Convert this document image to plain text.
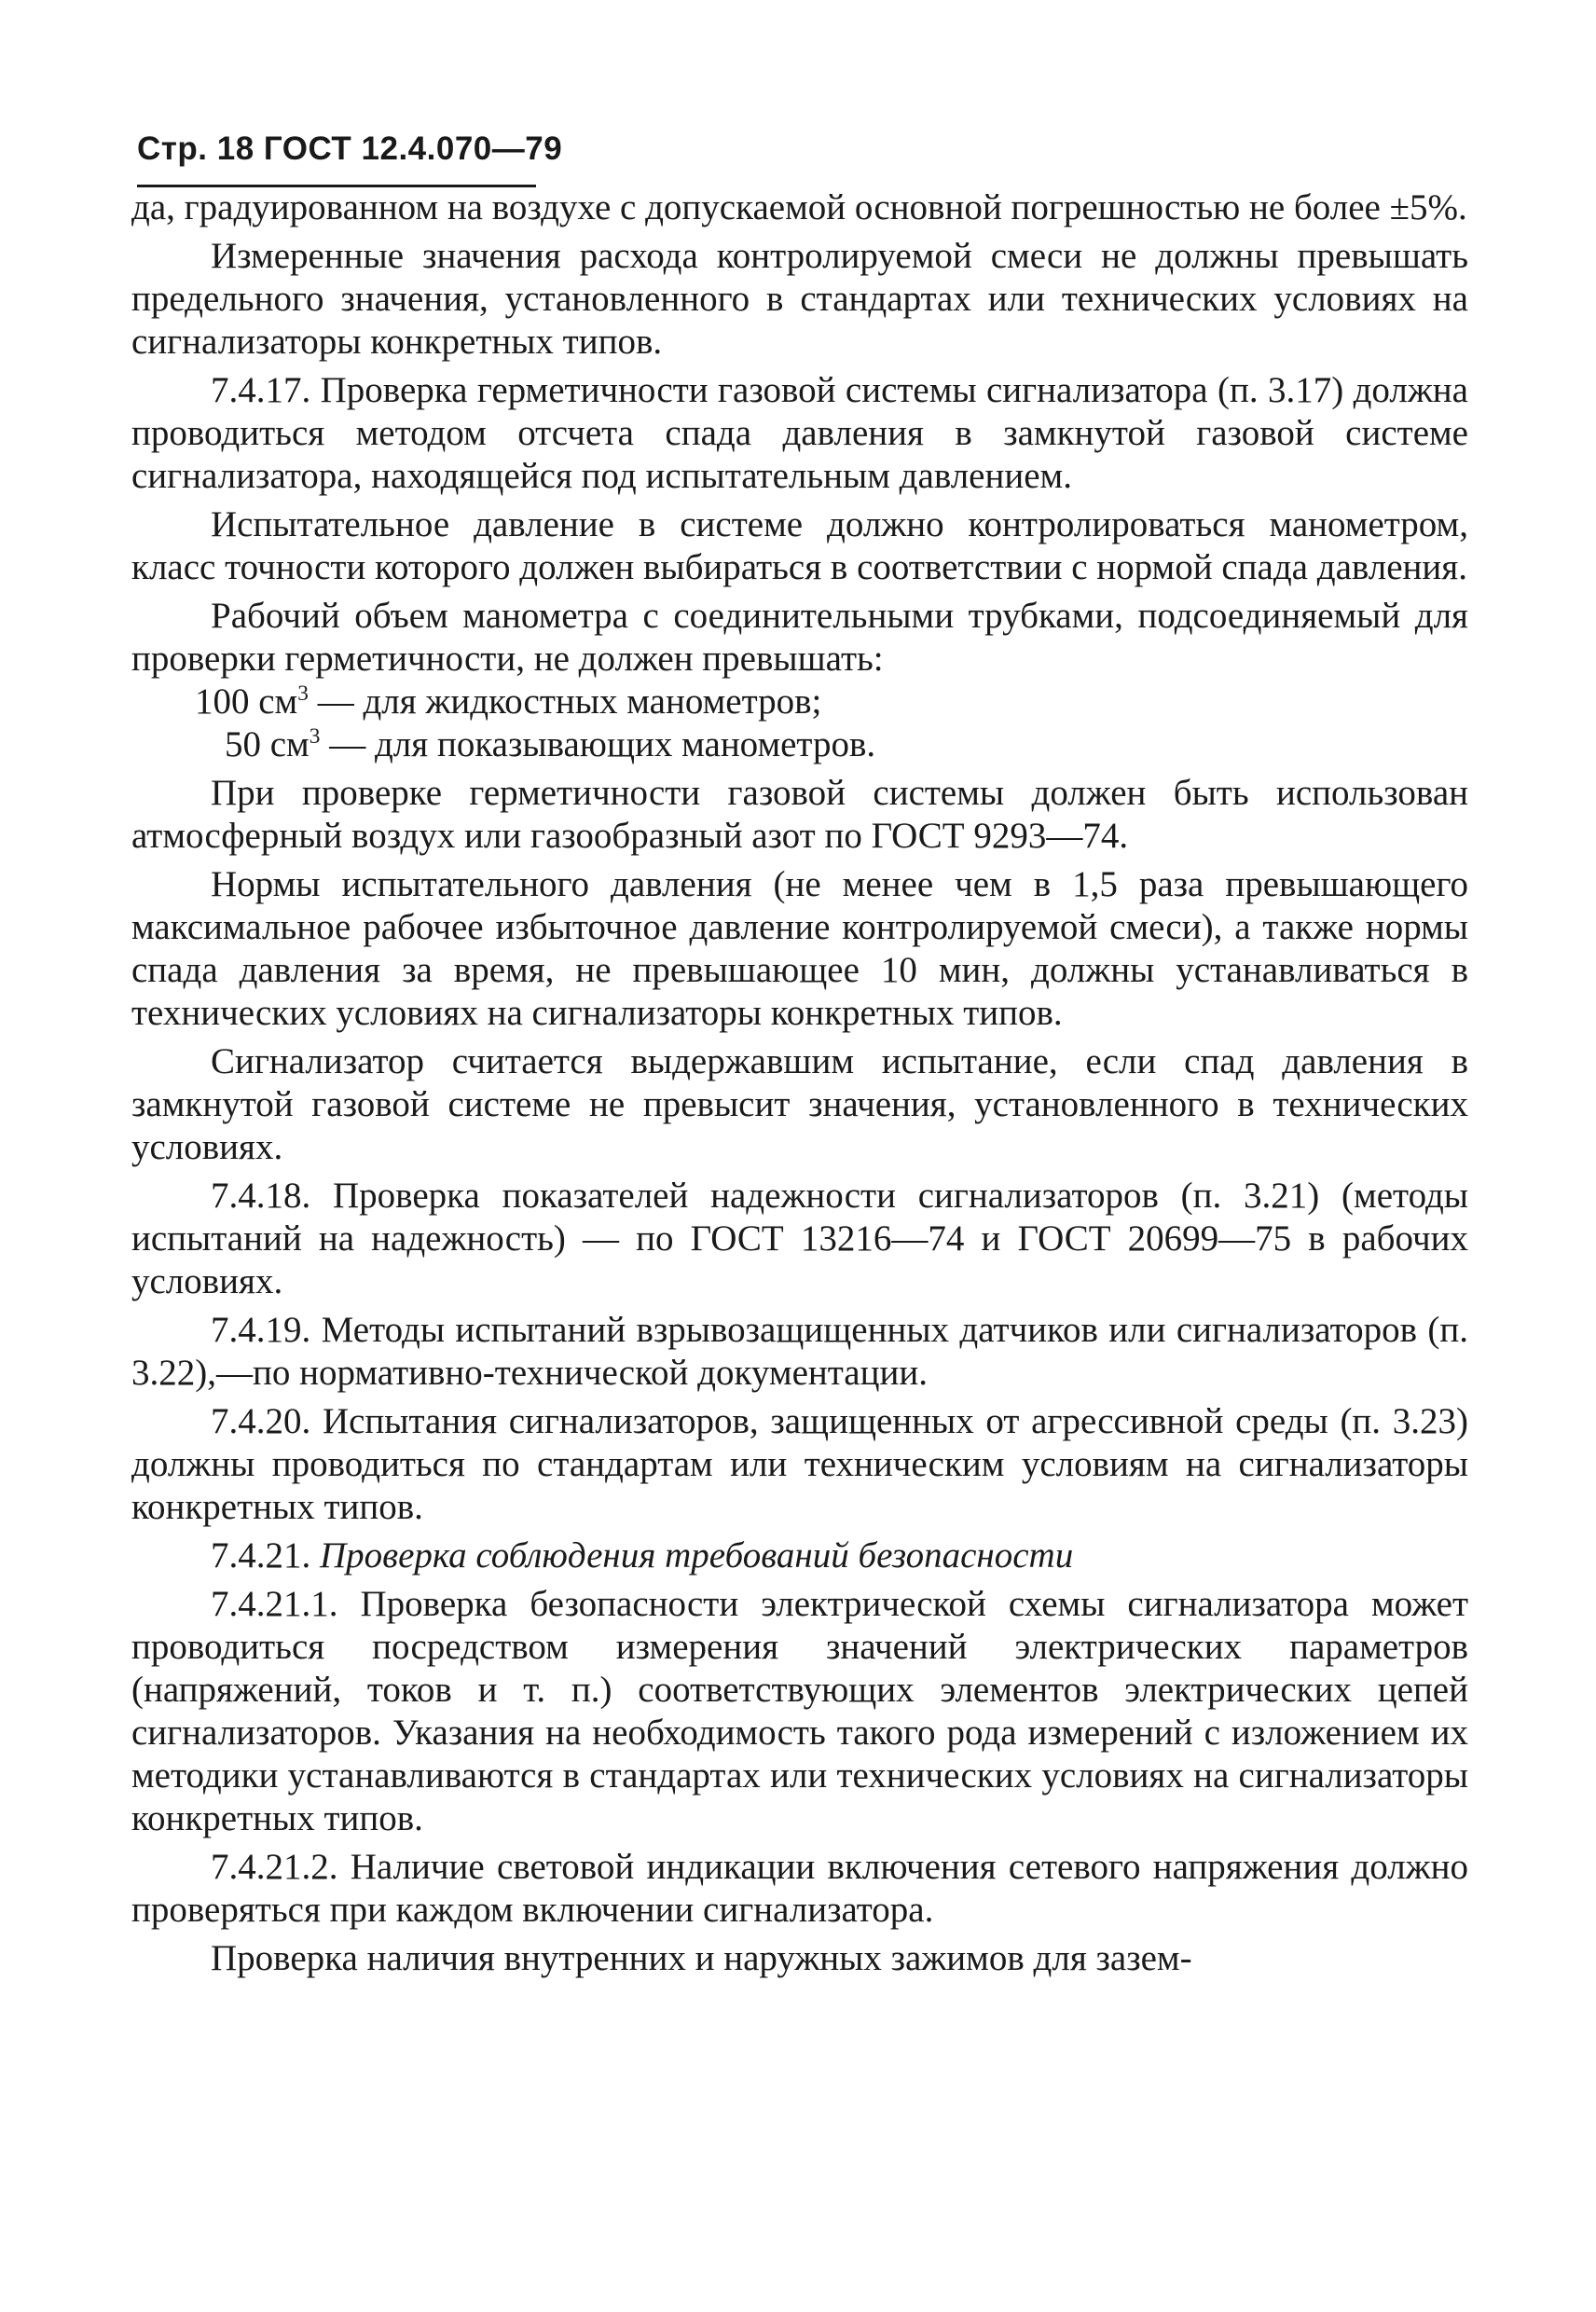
Стр. 18 ГОСТ 12.4.070—79

да, градуированном на воздухе с допускаемой основной погрешностью не более ±5%.

Измеренные значения расхода контролируемой смеси не должны превышать предельного значения, установленного в стандартах или технических условиях на сигнализаторы конкретных типов.

7.4.17. Проверка герметичности газовой системы сигнализатора (п. 3.17) должна проводиться методом отсчета спада давления в замкнутой газовой системе сигнализатора, находящейся под испытательным давлением.

Испытательное давление в системе должно контролироваться манометром, класс точности которого должен выбираться в соответствии с нормой спада давления.

Рабочий объем манометра с соединительными трубками, подсоединяемый для проверки герметичности, не должен превышать:

100 $см^3$ — для жидкостных манометров;

50 $см^3$ — для показывающих манометров.

При проверке герметичности газовой системы должен быть использован атмосферный воздух или газообразный азот по ГОСТ 9293—74.

Нормы испытательного давления (не менее чем в 1,5 раза превышающего максимальное рабочее избыточное давление контролируемой смеси), а также нормы спада давления за время, не превышающее 10 мин, должны устанавливаться в технических условиях на сигнализаторы конкретных типов.

Сигнализатор считается выдержавшим испытание, если спад давления в замкнутой газовой системе не превысит значения, установленного в технических условиях.

7.4.18. Проверка показателей надежности сигнализаторов (п. 3.21) (методы испытаний на надежность) — по ГОСТ 13216—74 и ГОСТ 20699—75 в рабочих условиях.

7.4.19. Методы испытаний взрывозащищенных датчиков или сигнализаторов (п. 3.22),—по нормативно-технической документации.

7.4.20. Испытания сигнализаторов, защищенных от агрессивной среды (п. 3.23) должны проводиться по стандартам или техническим условиям на сигнализаторы конкретных типов.

7.4.21. Проверка соблюдения требований безопасности

7.4.21.1. Проверка безопасности электрической схемы сигнализатора может проводиться посредством измерения значений электрических параметров (напряжений, токов и т. п.) соответствующих элементов электрических цепей сигнализаторов. Указания на необходимость такого рода измерений с изложением их методики устанавливаются в стандартах или технических условиях на сигнализаторы конкретных типов.

7.4.21.2. Наличие световой индикации включения сетевого напряжения должно проверяться при каждом включении сигнализатора.

Проверка наличия внутренних и наружных зажимов для зазем-
